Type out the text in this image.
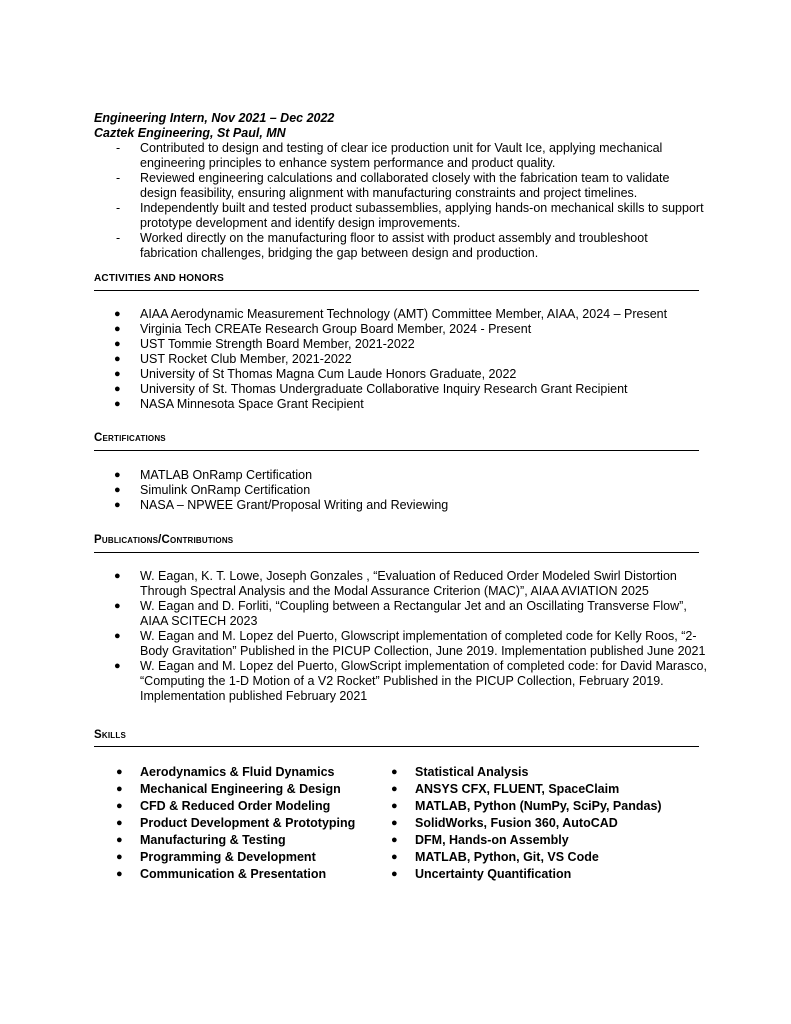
Engineering Intern, Nov 2021 – Dec 2022
Caztek Engineering, St Paul, MN
- Contributed to design and testing of clear ice production unit for Vault Ice, applying mechanical engineering principles to enhance system performance and product quality.
- Reviewed engineering calculations and collaborated closely with the fabrication team to validate design feasibility, ensuring alignment with manufacturing constraints and project timelines.
- Independently built and tested product subassemblies, applying hands-on mechanical skills to support prototype development and identify design improvements.
- Worked directly on the manufacturing floor to assist with product assembly and troubleshoot fabrication challenges, bridging the gap between design and production.
ACTIVITIES AND HONORS
● AIAA Aerodynamic Measurement Technology (AMT) Committee Member, AIAA, 2024 – Present
● Virginia Tech CREATe Research Group Board Member, 2024 - Present
● UST Tommie Strength Board Member, 2021-2022
● UST Rocket Club Member, 2021-2022
● University of St Thomas Magna Cum Laude Honors Graduate, 2022
● University of St. Thomas Undergraduate Collaborative Inquiry Research Grant Recipient
● NASA Minnesota Space Grant Recipient
Certifications
● MATLAB OnRamp Certification
● Simulink OnRamp Certification
● NASA – NPWEE Grant/Proposal Writing and Reviewing
Publications/Contributions
● W. Eagan, K. T. Lowe, Joseph Gonzales , “Evaluation of Reduced Order Modeled Swirl Distortion Through Spectral Analysis and the Modal Assurance Criterion (MAC)”, AIAA AVIATION 2025
● W. Eagan and D. Forliti, “Coupling between a Rectangular Jet and an Oscillating Transverse Flow”, AIAA SCITECH 2023
● W. Eagan and M. Lopez del Puerto, Glowscript implementation of completed code for Kelly Roos, “2-Body Gravitation” Published in the PICUP Collection, June 2019. Implementation published June 2021
● W. Eagan and M. Lopez del Puerto, GlowScript implementation of completed code: for David Marasco, “Computing the 1-D Motion of a V2 Rocket” Published in the PICUP Collection, February 2019. Implementation published February 2021
Skills
● Aerodynamics & Fluid Dynamics
● Mechanical Engineering & Design
● CFD & Reduced Order Modeling
● Product Development & Prototyping
● Manufacturing & Testing
● Programming & Development
● Communication & Presentation
● Statistical Analysis
● ANSYS CFX, FLUENT, SpaceClaim
● MATLAB, Python (NumPy, SciPy, Pandas)
● SolidWorks, Fusion 360, AutoCAD
● DFM, Hands-on Assembly
● MATLAB, Python, Git, VS Code
● Uncertainty Quantification
